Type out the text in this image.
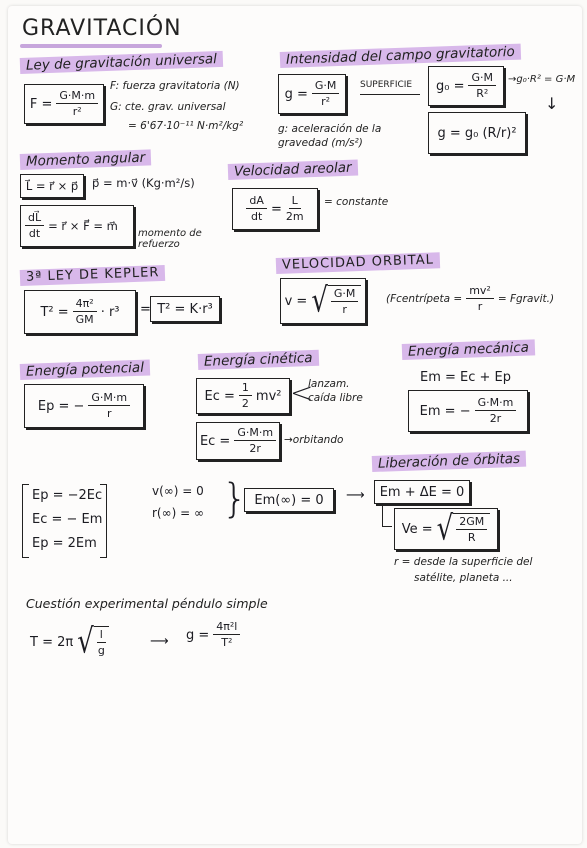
GRAVITACIÓN
Ley de gravitación universal
$F = \frac{G\cdot M\cdot m}{\text{r²}}$
F: fuerza gravitatoria (N)
G: cte. grav. universal
= 6'67·10⁻¹¹ N·m²/kg²
Intensidad del campo gravitatorio
$g = \frac{G\cdot M}{\text{r²}}$ SUPERFICIE $g_0 = \frac{G\cdot M}{\text{R²}} \to g_0\cdot R^2 = G\cdot M$
↓
g = g₀ (R/r)²
g: aceleración de la gravedad (m/s²)
Momento angular
L⃗ = r⃗ × p⃗ p⃗ = m·v⃗ (Kg·m²/s)
$\frac{dL⃗}{dt}$ = r⃗ × F⃗ = m⃗
momento de refuerzo
Velocidad areolar
$\frac{dA}{dt} = \frac{L}{2m}$ = constante
3ª LEY DE KEPLER
$T^2 = \frac{\text{4π²}}{GM} \cdot r^3 = T^2 = K\cdot r^3$
VELOCIDAD ORBITAL
v = √ $\frac{G\cdot M}{r}$ (Fcentrípeta = $\frac{\text{mv²}}{r}$ = Fgravit.)
Energía potencial
Ep = − $\frac{G\cdot M\cdot m}{r}$
Energía cinética
$Ec = \frac{1}{2} mv^2$ <
lanzam.
caída libre
$Ec = \frac{G\cdot M\cdot m}{2r}$ →orbitando
Energía mecánica
Em = Ec + Ep
Em = − $\frac{G\cdot M\cdot m}{2r}$
Ep = −2Ec
Ec = − Em
Ep = 2Em
v(∞) = 0
r(∞) = ∞ } Em(∞) = 0 ⟶
Liberación de órbitas
Em + ΔE = 0
Ve = √ $\frac{2GM}{R}$
r = desde la superficie del
satélite, planeta ...
Cuestión experimental péndulo simple
T = 2π √ $\frac{l}{g}$	⟶ $g = \frac{\text{4π²l}}{\text{T²}}$
